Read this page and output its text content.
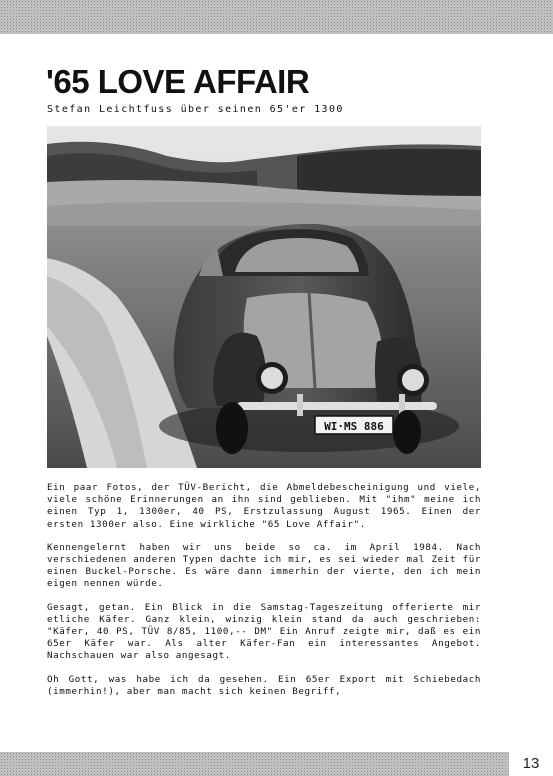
'65 LOVE AFFAIR
Stefan Leichtfuss über seinen 65'er 1300
WI·MS 886

Ein paar Fotos, der TÜV-Bericht, die Abmeldebescheinigung und viele, viele schöne Erinnerungen an ihn sind geblieben. Mit "ihm" meine ich einen Typ 1, 1300er, 40 PS, Erstzulassung August 1965. Einen der ersten 1300er also. Eine wirkliche "65 Love Affair".

Kennengelernt haben wir uns beide so ca. im April 1984. Nach verschiedenen anderen Typen dachte ich mir, es sei wieder mal Zeit für einen Buckel-Porsche. Es wäre dann immerhin der vierte, den ich mein eigen nennen würde.

Gesagt, getan. Ein Blick in die Samstag-Tageszeitung offerierte mir etliche Käfer. Ganz klein, winzig klein stand da auch geschrieben: "Käfer, 40 PS, TÜV 8/85, 1100,-- DM" Ein Anruf zeigte mir, daß es ein 65er Käfer war. Als alter Käfer-Fan ein interessantes Angebot. Nachschauen war also angesagt.

Oh Gott, was habe ich da gesehen. Ein 65er Export mit Schiebedach (immerhin!), aber man macht sich keinen Begriff,

13
